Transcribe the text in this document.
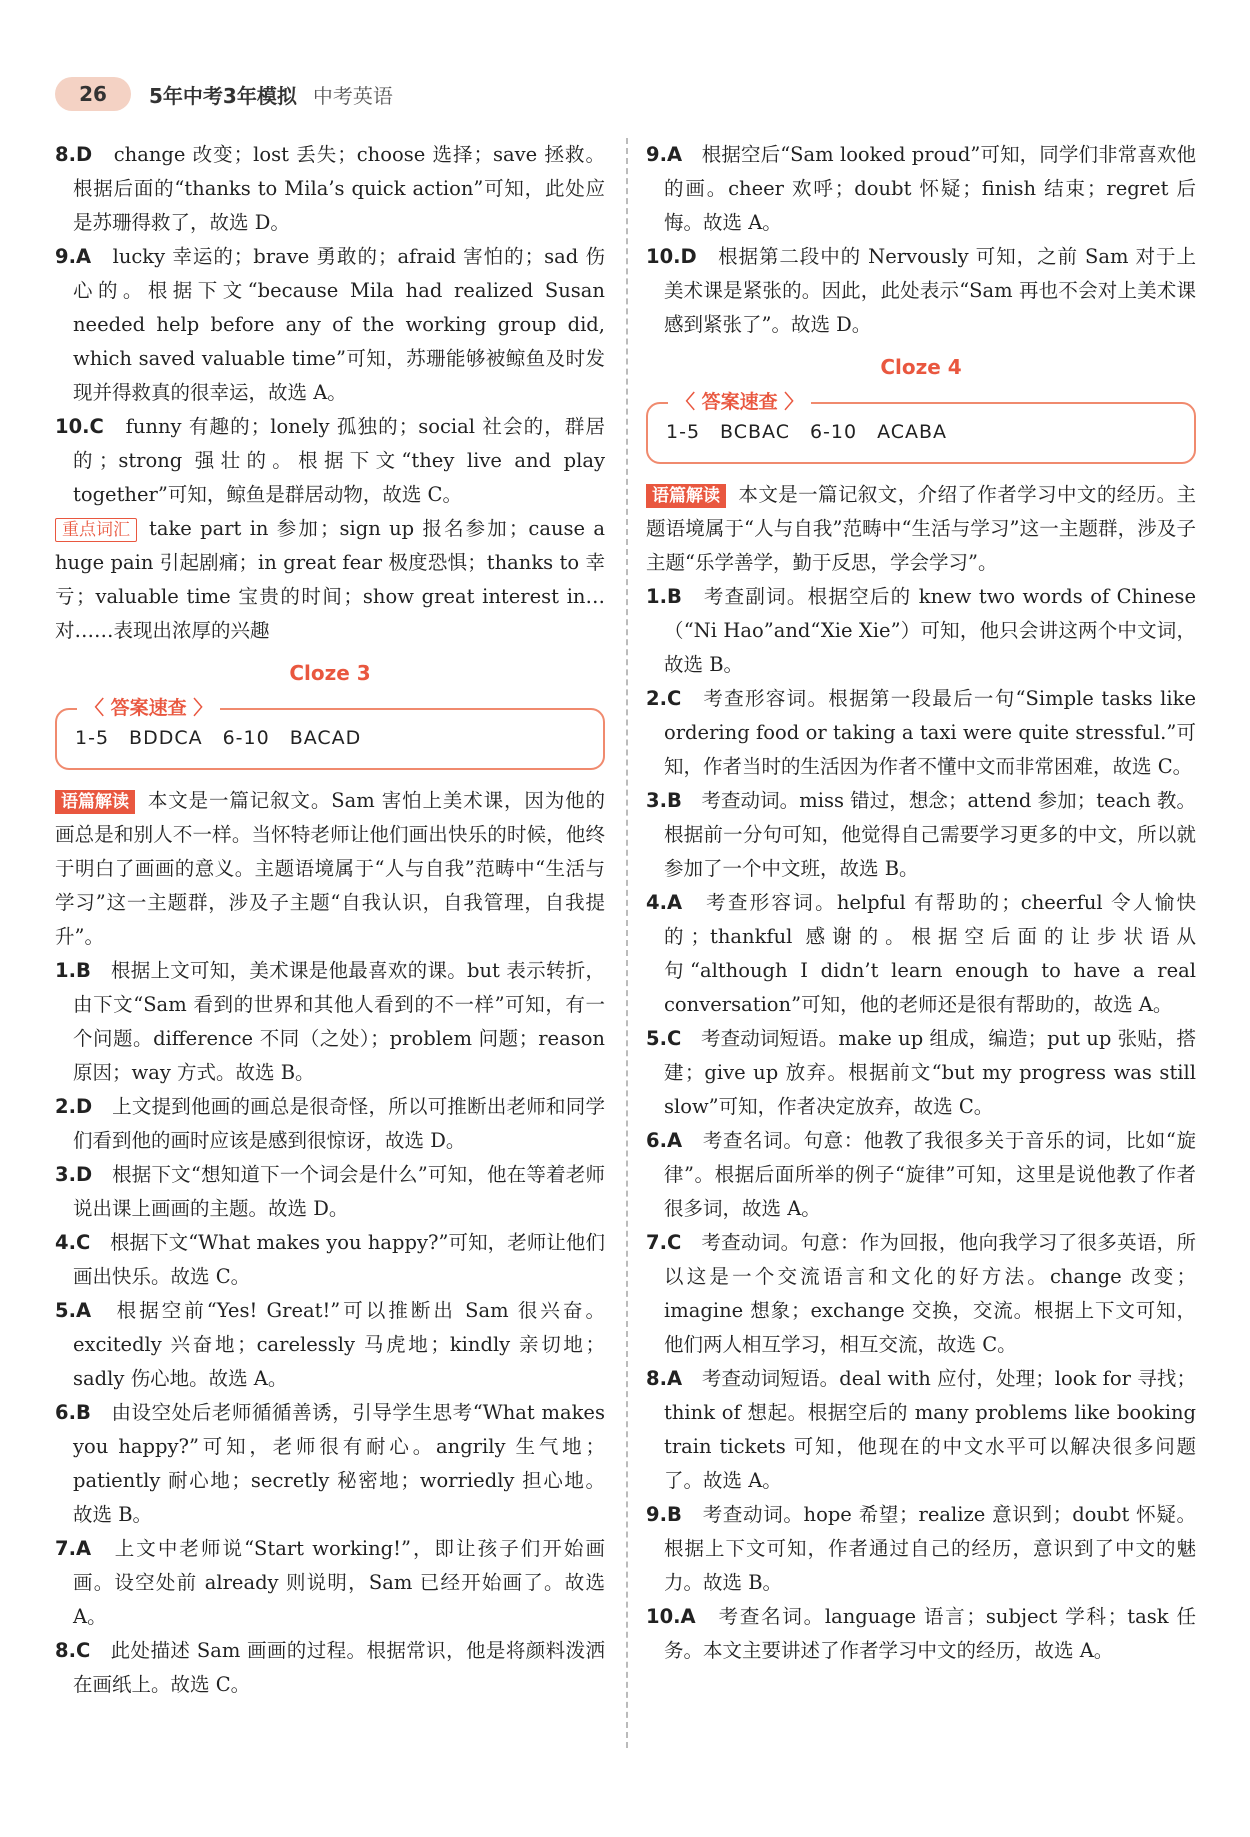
26	5年中考3年模拟 中考英语

8.D　 change 改变；lost 丢失；choose 选择；save 拯救。根据后面的“thanks to Mila’s quick action”可知，此处应是苏珊得救了，故选 D。

9.A　 lucky 幸运的；brave 勇敢的；afraid 害怕的；sad 伤心的。根据下文“because Mila had realized Susan needed help before any of the working group did, which saved valuable time”可知，苏珊能够被鲸鱼及时发现并得救真的很幸运，故选 A。

10.C　 funny 有趣的；lonely 孤独的；social 社会的，群居的；strong 强壮的。根据下文“they live and play together”可知，鲸鱼是群居动物，故选 C。

重点词汇 take part in 参加；sign up 报名参加；cause a huge pain 引起剧痛；in great fear 极度恐惧；thanks to 幸亏；valuable time 宝贵的时间；show great interest in… 对……表现出浓厚的兴趣
Cloze 3
〈 答案速查 〉
1-5　BDDCA　6-10　BACAD
语篇解读 本文是一篇记叙文。Sam 害怕上美术课，因为他的画总是和别人不一样。当怀特老师让他们画出快乐的时候，他终于明白了画画的意义。主题语境属于“人与自我”范畴中“生活与学习”这一主题群，涉及子主题“自我认识，自我管理，自我提升”。

1.B　 根据上文可知，美术课是他最喜欢的课。but 表示转折，由下文“Sam 看到的世界和其他人看到的不一样”可知，有一个问题。difference 不同（之处）；problem 问题；reason 原因；way 方式。故选 B。

2.D　 上文提到他画的画总是很奇怪，所以可推断出老师和同学们看到他的画时应该是感到很惊讶，故选 D。

3.D　 根据下文“想知道下一个词会是什么”可知，他在等着老师说出课上画画的主题。故选 D。

4.C　 根据下文“What makes you happy?”可知，老师让他们画出快乐。故选 C。

5.A　 根据空前“Yes! Great!”可以推断出 Sam 很兴奋。excitedly 兴奋地；carelessly 马虎地；kindly 亲切地；sadly 伤心地。故选 A。

6.B　 由设空处后老师循循善诱，引导学生思考“What makes you happy?”可知，老师很有耐心。angrily 生气地；patiently 耐心地；secretly 秘密地；worriedly 担心地。故选 B。

7.A　 上文中老师说“Start working!”，即让孩子们开始画画。设空处前 already 则说明，Sam 已经开始画了。故选 A。

8.C　 此处描述 Sam 画画的过程。根据常识，他是将颜料泼洒在画纸上。故选 C。

9.A　 根据空后“Sam looked proud”可知，同学们非常喜欢他的画。cheer 欢呼；doubt 怀疑；finish 结束；regret 后悔。故选 A。

10.D　 根据第二段中的 Nervously 可知，之前 Sam 对于上美术课是紧张的。因此，此处表示“Sam 再也不会对上美术课感到紧张了”。故选 D。

Cloze 4
〈 答案速查 〉
1-5　BCBAC　6-10　ACABA
语篇解读 本文是一篇记叙文，介绍了作者学习中文的经历。主题语境属于“人与自我”范畴中“生活与学习”这一主题群，涉及子主题“乐学善学，勤于反思，学会学习”。

1.B　 考查副词。根据空后的 knew two words of Chinese（“Ni Hao”and“Xie Xie”）可知，他只会讲这两个中文词，故选 B。

2.C　 考查形容词。根据第一段最后一句“Simple tasks like ordering food or taking a taxi were quite stressful.”可知，作者当时的生活因为作者不懂中文而非常困难，故选 C。

3.B　 考查动词。miss 错过，想念；attend 参加；teach 教。根据前一分句可知，他觉得自己需要学习更多的中文，所以就参加了一个中文班，故选 B。

4.A　 考查形容词。helpful 有帮助的；cheerful 令人愉快的；thankful 感谢的。根据空后面的让步状语从句“although I didn’t learn enough to have a real conversation”可知，他的老师还是很有帮助的，故选 A。

5.C　 考查动词短语。make up 组成，编造；put up 张贴，搭建；give up 放弃。根据前文“but my progress was still slow”可知，作者决定放弃，故选 C。

6.A　 考查名词。句意：他教了我很多关于音乐的词，比如“旋律”。根据后面所举的例子“旋律”可知，这里是说他教了作者很多词，故选 A。

7.C　 考查动词。句意：作为回报，他向我学习了很多英语，所以这是一个交流语言和文化的好方法。change 改变；imagine 想象；exchange 交换，交流。根据上下文可知，他们两人相互学习，相互交流，故选 C。

8.A　 考查动词短语。deal with 应付，处理；look for 寻找；think of 想起。根据空后的 many problems like booking train tickets 可知，他现在的中文水平可以解决很多问题了。故选 A。

9.B　 考查动词。hope 希望；realize 意识到；doubt 怀疑。根据上下文可知，作者通过自己的经历，意识到了中文的魅力。故选 B。

10.A　 考查名词。language 语言；subject 学科；task 任务。本文主要讲述了作者学习中文的经历，故选 A。
